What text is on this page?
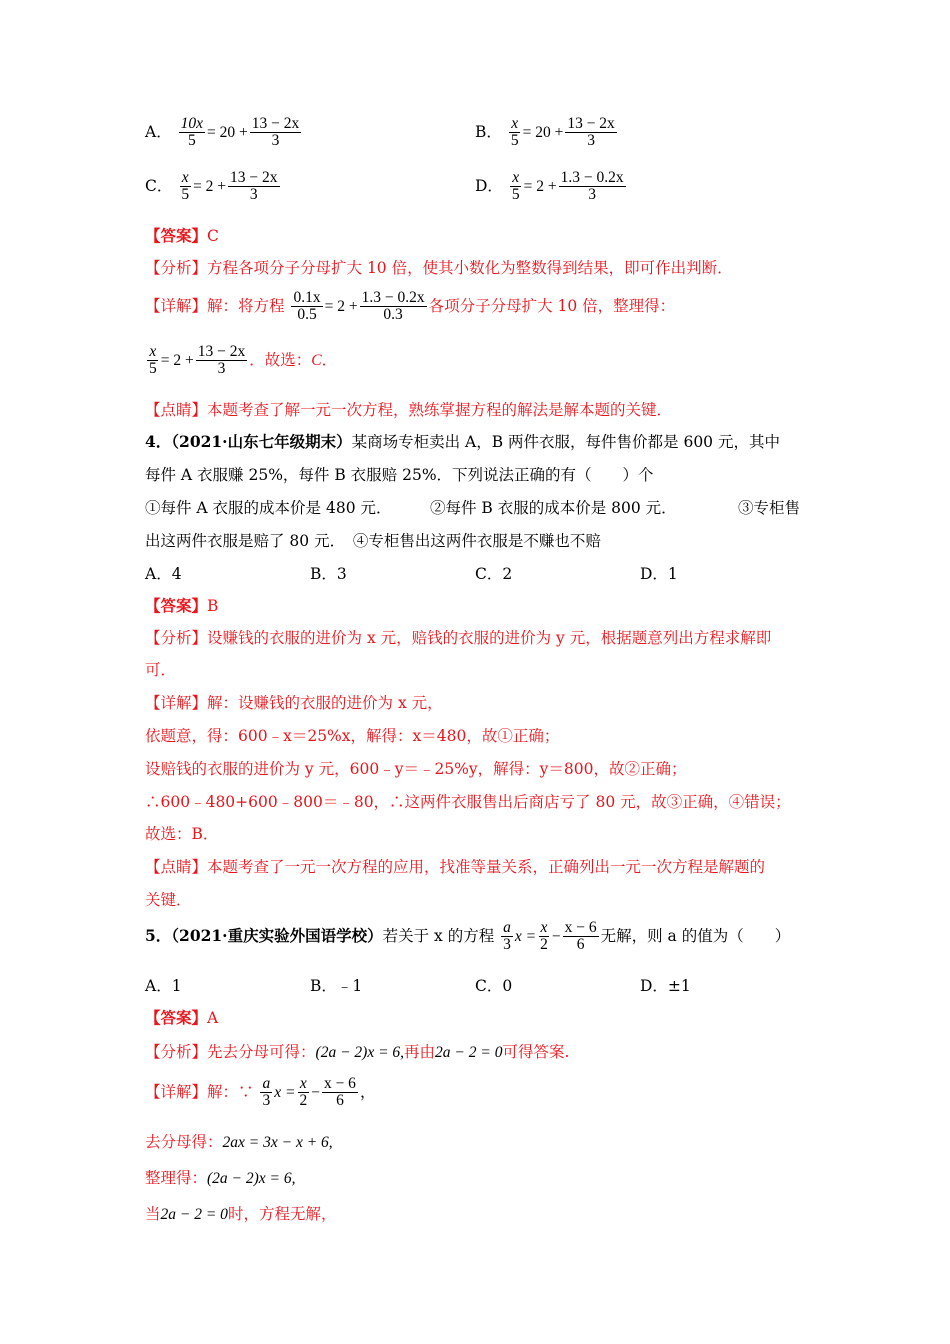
A． $\frac{10x}{5} = 20 + \frac{13 - 2x}{3}$	B． $\frac{x}{5} = 20 + \frac{13 - 2x}{3}$
C． $\frac{x}{5} = 2 + \frac{13 - 2x}{3}$	D． $\frac{x}{5} = 2 + \frac{1.3 - 0.2x}{3}$
【答案】C
【分析】方程各项分子分母扩大 10 倍，使其小数化为整数得到结果，即可作出判断．
【详解】解：将方程 $\frac{0.1x}{0.5} = 2 + \frac{1.3 - 0.2x}{0.3}$ 各项分子分母扩大 10 倍，整理得：
$\frac{x}{5} = 2 + \frac{13 - 2x}{3}$ ．故选：C．
【点睛】本题考查了解一元一次方程，熟练掌握方程的解法是解本题的关键．
4．（2021·山东七年级期末）某商场专柜卖出 A，B 两件衣服，每件售价都是 600 元，其中
每件 A 衣服赚 25%，每件 B 衣服赔 25%．下列说法正确的有（　　）个
①每件 A 衣服的成本价是 480 元． ②每件 B 衣服的成本价是 800 元．	③专柜售
出这两件衣服是赔了 80 元．　 ④专柜售出这两件衣服是不赚也不赔
A．4	B．3	C．2	D．1
【答案】B
【分析】设赚钱的衣服的进价为 x 元，赔钱的衣服的进价为 y 元，根据题意列出方程求解即
可．
【详解】解：设赚钱的衣服的进价为 x 元，
依题意，得：600﹣x＝25%x，解得：x＝480，故①正确；
设赔钱的衣服的进价为 y 元，600﹣y＝﹣25%y，解得：y＝800，故②正确；
∴600﹣480+600﹣800＝﹣80，∴这两件衣服售出后商店亏了 80 元，故③正确，④错误；
故选：B．
【点睛】本题考查了一元一次方程的应用，找准等量关系，正确列出一元一次方程是解题的
关键．
5．（2021·重庆实验外国语学校）若关于 x 的方程 $\frac{a}{3}$ $x = \frac{x}{2} - \frac{x - 6}{6}$ 无解，则 a 的值为（　　）
A．1	B．﹣1	C．0	D．±1
【答案】A
【分析】先去分母可得：(2a − 2)x = 6,再由2a − 2 = 0可得答案.
【详解】解：∵ $\frac{a}{3}$ $x = \frac{x}{2} - \frac{x - 6}{6}$ ，
去分母得：2ax = 3x − x + 6,
整理得：(2a − 2)x = 6,
当2a − 2 = 0时，方程无解，
